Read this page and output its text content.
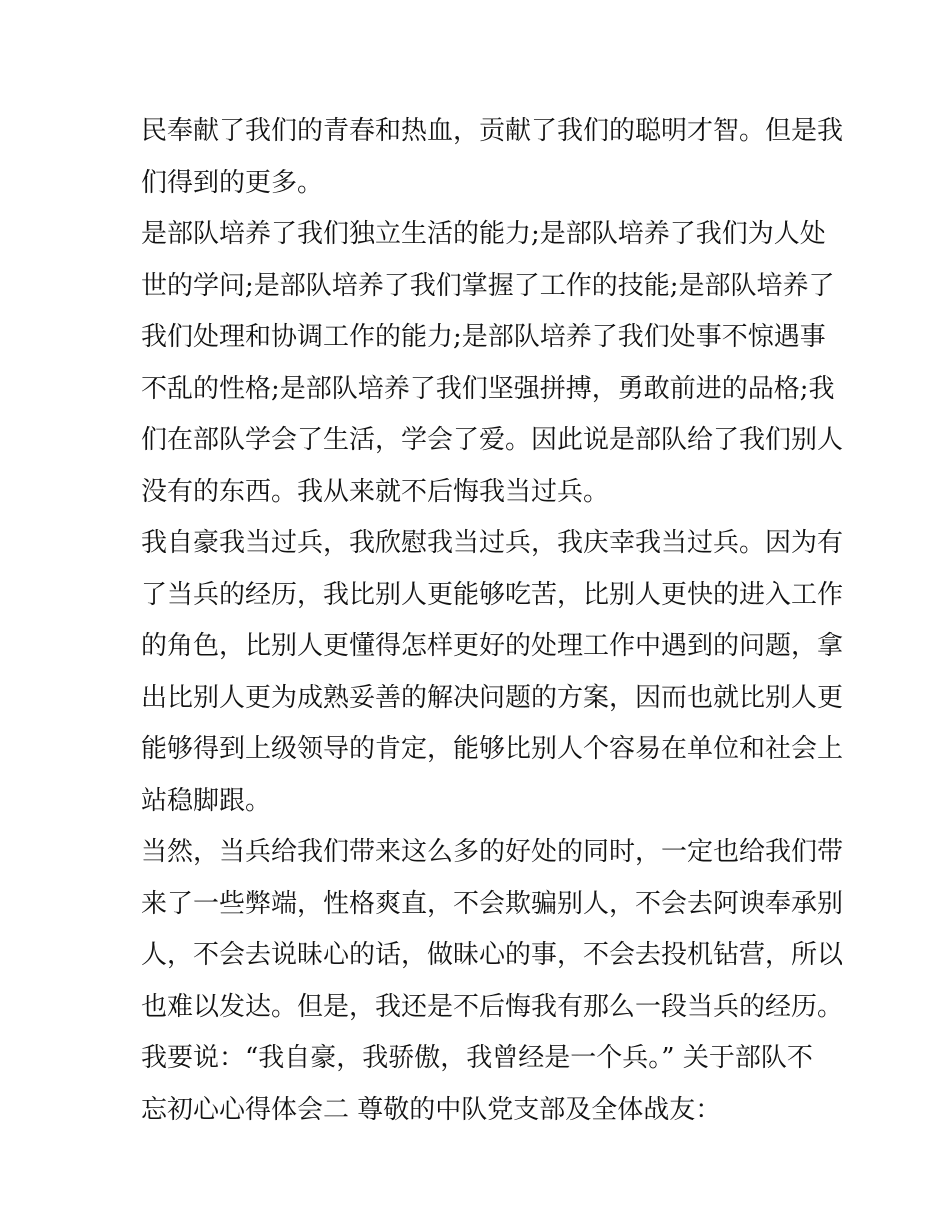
民奉献了我们的青春和热血，贡献了我们的聪明才智。但是我
们得到的更多。
是部队培养了我们独立生活的能力;是部队培养了我们为人处
世的学问;是部队培养了我们掌握了工作的技能;是部队培养了
我们处理和协调工作的能力;是部队培养了我们处事不惊遇事
不乱的性格;是部队培养了我们坚强拼搏，勇敢前进的品格;我
们在部队学会了生活，学会了爱。因此说是部队给了我们别人
没有的东西。我从来就不后悔我当过兵。
我自豪我当过兵，我欣慰我当过兵，我庆幸我当过兵。因为有
了当兵的经历，我比别人更能够吃苦，比别人更快的进入工作
的角色，比别人更懂得怎样更好的处理工作中遇到的问题，拿
出比别人更为成熟妥善的解决问题的方案，因而也就比别人更
能够得到上级领导的肯定，能够比别人个容易在单位和社会上
站稳脚跟。
当然，当兵给我们带来这么多的好处的同时，一定也给我们带
来了一些弊端，性格爽直，不会欺骗别人，不会去阿谀奉承别
人，不会去说昧心的话，做昧心的事，不会去投机钻营，所以
也难以发达。但是，我还是不后悔我有那么一段当兵的经历。
我要说：“我自豪，我骄傲，我曾经是一个兵。” 关于部队不
忘初心心得体会二 尊敬的中队党支部及全体战友：
